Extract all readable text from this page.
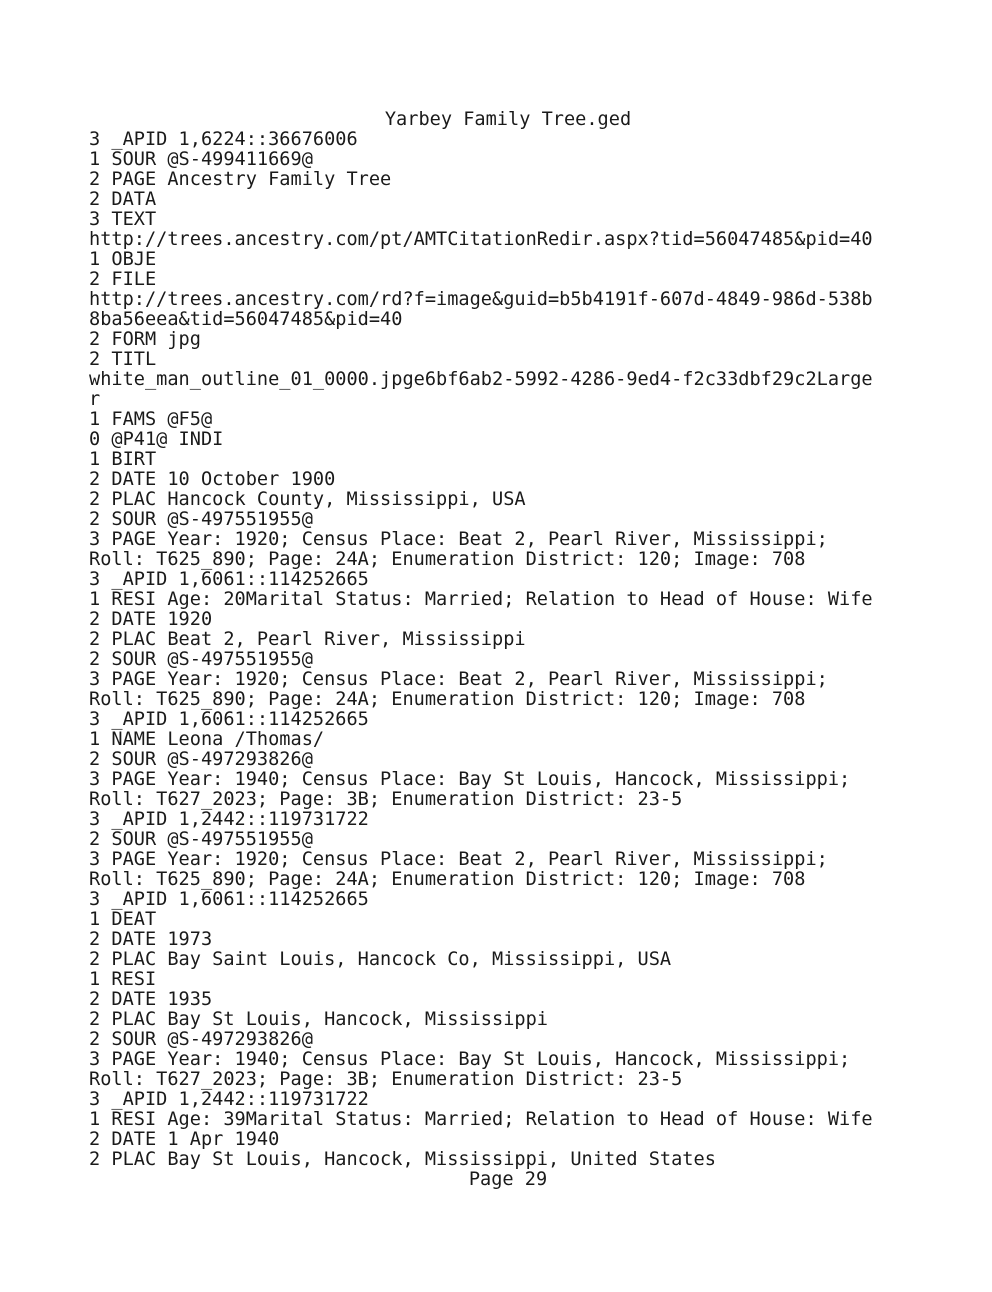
Yarbey Family Tree.ged
3 _APID 1,6224::36676006
1 SOUR @S-499411669@
2 PAGE Ancestry Family Tree
2 DATA
3 TEXT
http://trees.ancestry.com/pt/AMTCitationRedir.aspx?tid=56047485&pid=40
1 OBJE
2 FILE
http://trees.ancestry.com/rd?f=image&guid=b5b4191f-607d-4849-986d-538b
8ba56eea&tid=56047485&pid=40
2 FORM jpg
2 TITL
white_man_outline_01_0000.jpge6bf6ab2-5992-4286-9ed4-f2c33dbf29c2Large
r
1 FAMS @F5@
0 @P41@ INDI
1 BIRT
2 DATE 10 October 1900
2 PLAC Hancock County, Mississippi, USA
2 SOUR @S-497551955@
3 PAGE Year: 1920; Census Place: Beat 2, Pearl River, Mississippi;
Roll: T625_890; Page: 24A; Enumeration District: 120; Image: 708
3 _APID 1,6061::114252665
1 RESI Age: 20Marital Status: Married; Relation to Head of House: Wife
2 DATE 1920
2 PLAC Beat 2, Pearl River, Mississippi
2 SOUR @S-497551955@
3 PAGE Year: 1920; Census Place: Beat 2, Pearl River, Mississippi;
Roll: T625_890; Page: 24A; Enumeration District: 120; Image: 708
3 _APID 1,6061::114252665
1 NAME Leona /Thomas/
2 SOUR @S-497293826@
3 PAGE Year: 1940; Census Place: Bay St Louis, Hancock, Mississippi;
Roll: T627_2023; Page: 3B; Enumeration District: 23-5
3 _APID 1,2442::119731722
2 SOUR @S-497551955@
3 PAGE Year: 1920; Census Place: Beat 2, Pearl River, Mississippi;
Roll: T625_890; Page: 24A; Enumeration District: 120; Image: 708
3 _APID 1,6061::114252665
1 DEAT
2 DATE 1973
2 PLAC Bay Saint Louis, Hancock Co, Mississippi, USA
1 RESI
2 DATE 1935
2 PLAC Bay St Louis, Hancock, Mississippi
2 SOUR @S-497293826@
3 PAGE Year: 1940; Census Place: Bay St Louis, Hancock, Mississippi;
Roll: T627_2023; Page: 3B; Enumeration District: 23-5
3 _APID 1,2442::119731722
1 RESI Age: 39Marital Status: Married; Relation to Head of House: Wife
2 DATE 1 Apr 1940
2 PLAC Bay St Louis, Hancock, Mississippi, United States
Page 29
